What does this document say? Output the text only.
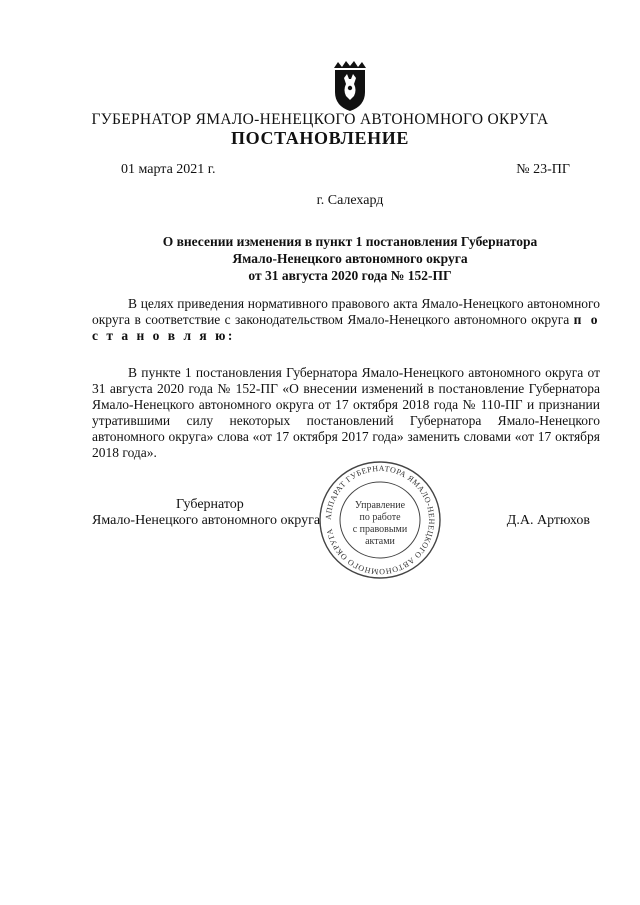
ГУБЕРНАТОР ЯМАЛО-НЕНЕЦКОГО АВТОНОМНОГО ОКРУГА
ПОСТАНОВЛЕНИЕ
01 марта 2021 г.	№ 23-ПГ
г. Салехард
О внесении изменения в пункт 1 постановления Губернатора
Ямало-Ненецкого автономного округа
от 31 августа 2020 года № 152-ПГ

В целях приведения нормативного правового акта Ямало-Ненецкого автономного округа в соответствие с законодательством Ямало-Ненецкого автономного округа п о с т а н о в л я ю:

В пункте 1 постановления Губернатора Ямало-Ненецкого автономного округа от 31 августа 2020 года № 152-ПГ «О внесении изменений в постановление Губернатора Ямало-Ненецкого автономного округа от 17 октября 2018 года № 110-ПГ и признании утратившими силу некоторых постановлений Губернатора Ямало-Ненецкого автономного округа» слова «от 17 октября 2017 года» заменить словами «от 17 октября 2018 года».

Губернатор
Ямало-Ненецкого автономного округа	Д.А. Артюхов
АППАРАТ ГУБЕРНАТОРА ЯМАЛО-НЕНЕЦКОГО АВТОНОМНОГО ОКРУГА
Управление
по работе
с правовыми
актами
